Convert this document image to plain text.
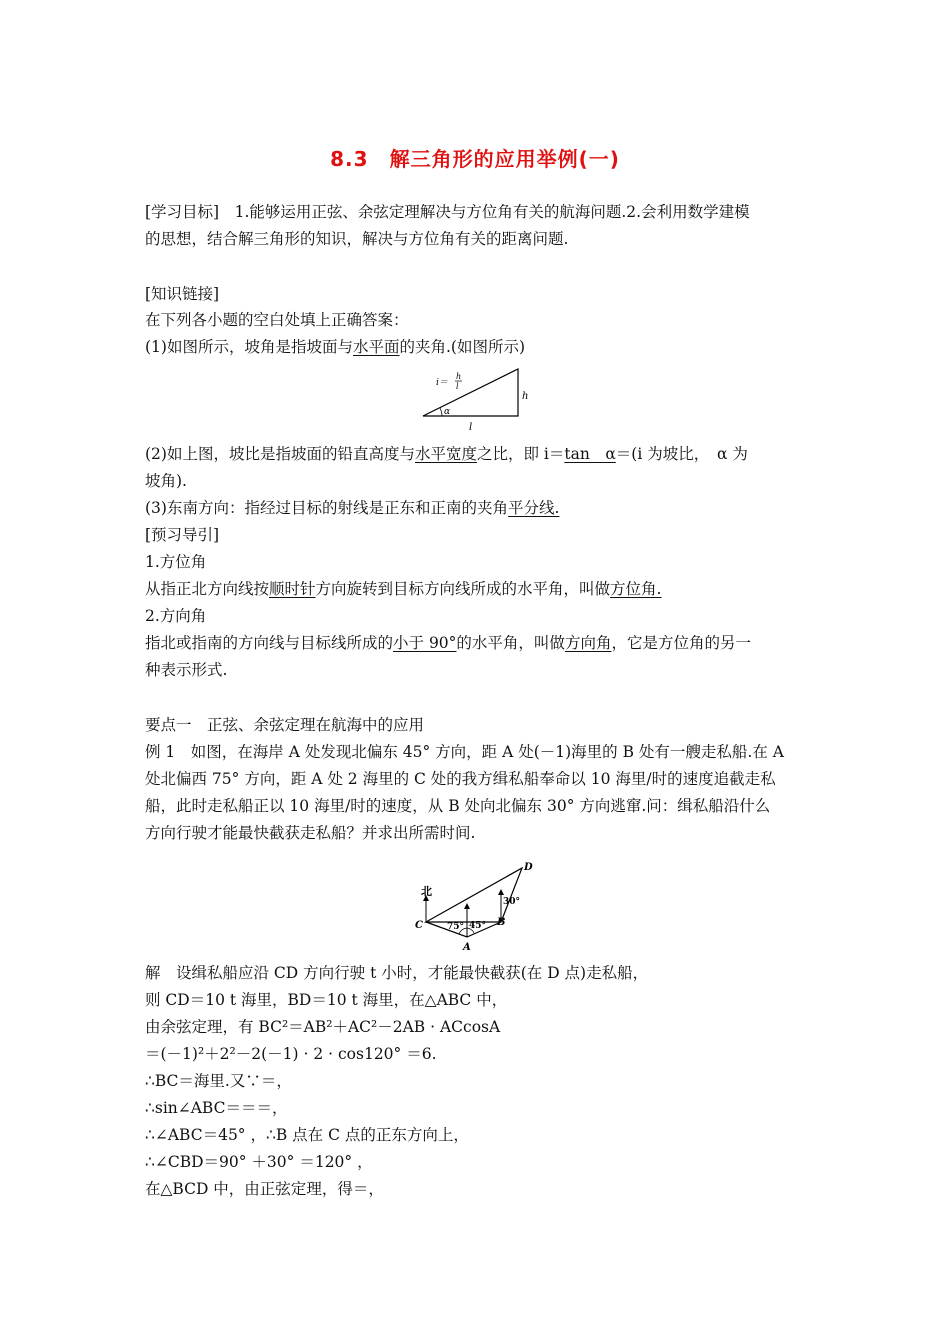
8.3　解三角形的应用举例(一)
[学习目标]　1.能够运用正弦、余弦定理解决与方位角有关的航海问题.2.会利用数学建模
的思想，结合解三角形的知识，解决与方位角有关的距离问题.
[知识链接]
在下列各小题的空白处填上正确答案：
(1)如图所示，坡角是指坡面与水平面的夹角.(如图所示)
α
i＝
h
l
h
l
(2)如上图，坡比是指坡面的铅直高度与水平宽度之比，即 i＝tan　α＝(i 为坡比，　α 为
坡角).
(3)东南方向：指经过目标的射线是正东和正南的夹角平分线.
[预习导引]
1.方位角
从指正北方向线按顺时针方向旋转到目标方向线所成的水平角，叫做方位角.
2.方向角
指北或指南的方向线与目标线所成的小于 90°的水平角，叫做方向角，它是方位角的另一
种表示形式.
要点一　正弦、余弦定理在航海中的应用
例 1　如图，在海岸 A 处发现北偏东 45° 方向，距 A 处(－1)海里的 B 处有一艘走私船.在 A
处北偏西 75° 方向，距 A 处 2 海里的 C 处的我方缉私船奉命以 10 海里/时的速度追截走私
船，此时走私船正以 10 海里/时的速度，从 B 处向北偏东 30° 方向逃窜.问：缉私船沿什么
方向行驶才能最快截获走私船？并求出所需时间.
北
C
A
B
D
75° 45°
30°
解　设缉私船应沿 CD 方向行驶 t 小时，才能最快截获(在 D 点)走私船，
则 CD＝10 t 海里，BD＝10 t 海里，在△ABC 中，
由余弦定理，有 BC²＝AB²＋AC²－2AB · ACcosA
＝(－1)²＋2²－2(－1) · 2 · cos120° ＝6.
∴BC＝海里.又∵＝，
∴sin∠ABC＝＝＝，
∴∠ABC＝45° ，∴B 点在 C 点的正东方向上，
∴∠CBD＝90° ＋30° ＝120° ，
在△BCD 中，由正弦定理，得＝，
